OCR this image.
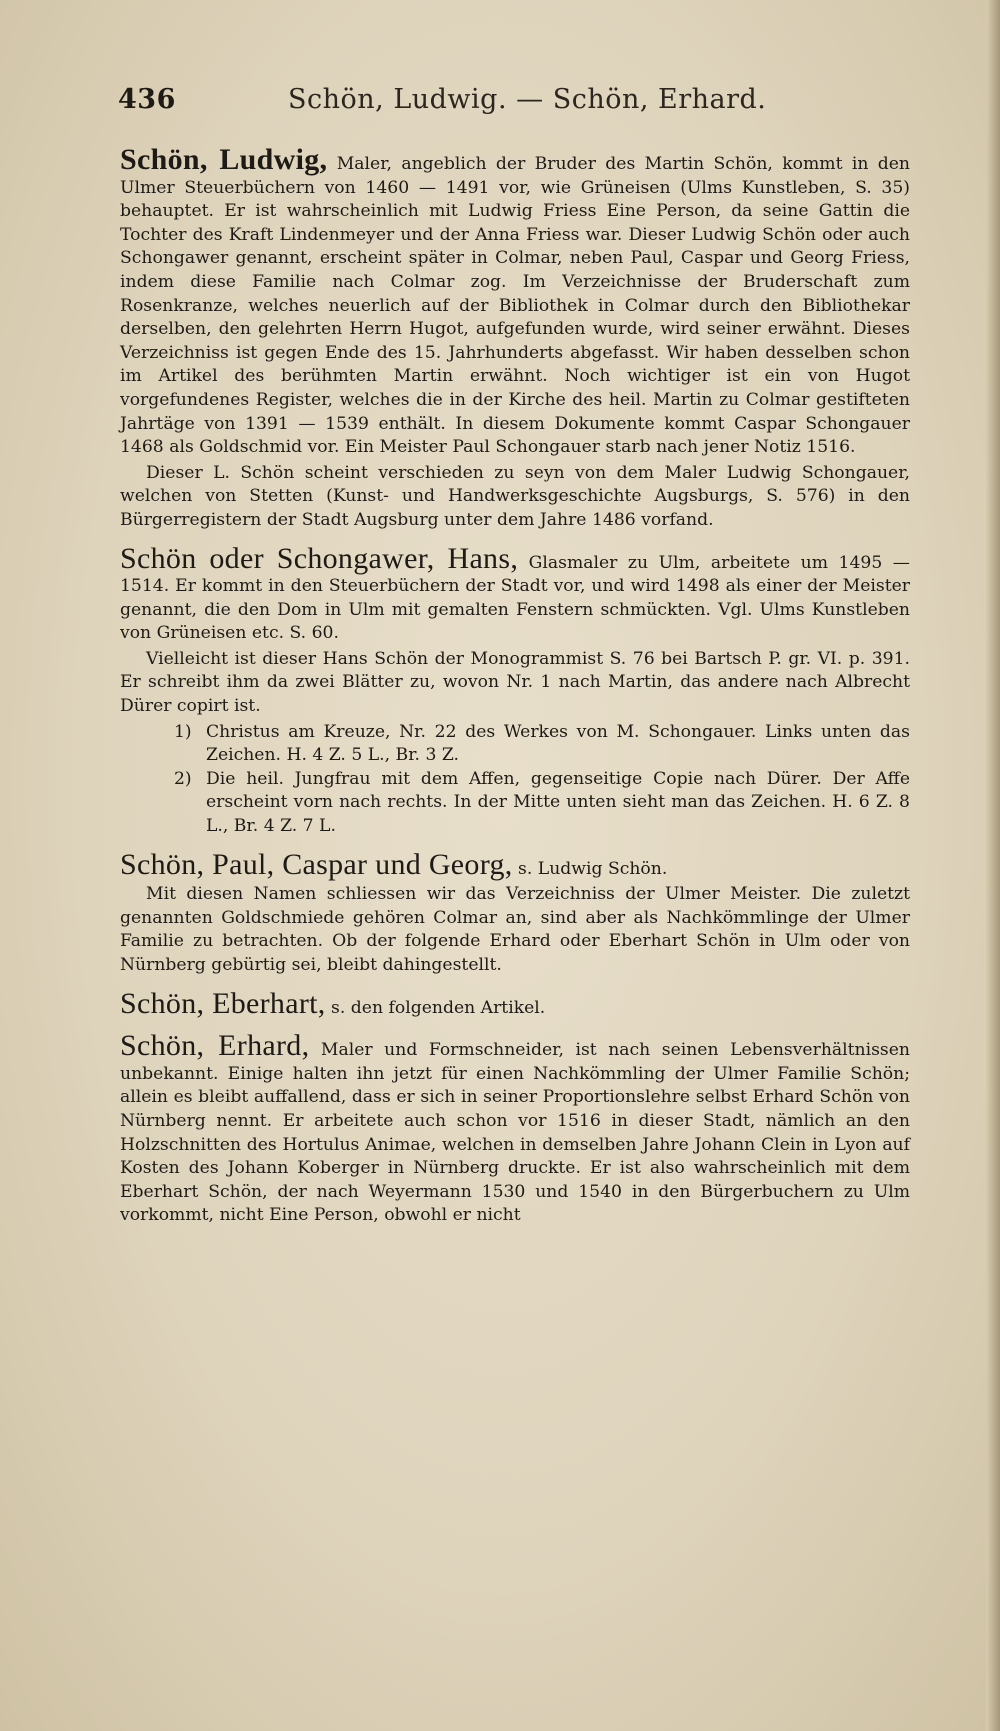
436	Schön, Ludwig. — Schön, Erhard.

Schön, Ludwig, Maler, angeblich der Bruder des Martin Schön, kommt in den Ulmer Steuerbüchern von 1460 — 1491 vor, wie Grüneisen (Ulms Kunstleben, S. 35) behauptet. Er ist wahrscheinlich mit Ludwig Friess Eine Person, da seine Gattin die Tochter des Kraft Lindenmeyer und der Anna Friess war. Dieser Ludwig Schön oder auch Schongawer genannt, erscheint später in Colmar, neben Paul, Caspar und Georg Friess, indem diese Familie nach Colmar zog. Im Verzeichnisse der Bruderschaft zum Rosenkranze, welches neuerlich auf der Bibliothek in Colmar durch den Bibliothekar derselben, den gelehrten Herrn Hugot, aufgefunden wurde, wird seiner erwähnt. Dieses Verzeichniss ist gegen Ende des 15. Jahrhunderts abgefasst. Wir haben desselben schon im Artikel des berühmten Martin erwähnt. Noch wichtiger ist ein von Hugot vorgefundenes Register, welches die in der Kirche des heil. Martin zu Colmar gestifteten Jahrtäge von 1391 — 1539 enthält. In diesem Dokumente kommt Caspar Schongauer 1468 als Goldschmid vor. Ein Meister Paul Schongauer starb nach jener Notiz 1516.

Dieser L. Schön scheint verschieden zu seyn von dem Maler Ludwig Schongauer, welchen von Stetten (Kunst- und Handwerksgeschichte Augsburgs, S. 576) in den Bürgerregistern der Stadt Augsburg unter dem Jahre 1486 vorfand.

Schön oder Schongawer, Hans, Glasmaler zu Ulm, arbeitete um 1495 — 1514. Er kommt in den Steuerbüchern der Stadt vor, und wird 1498 als einer der Meister genannt, die den Dom in Ulm mit gemalten Fenstern schmückten. Vgl. Ulms Kunstleben von Grüneisen etc. S. 60.

Vielleicht ist dieser Hans Schön der Monogrammist S. 76 bei Bartsch P. gr. VI. p. 391. Er schreibt ihm da zwei Blätter zu, wovon Nr. 1 nach Martin, das andere nach Albrecht Dürer copirt ist.

1) Christus am Kreuze, Nr. 22 des Werkes von M. Schongauer. Links unten das Zeichen. H. 4 Z. 5 L., Br. 3 Z.

2) Die heil. Jungfrau mit dem Affen, gegenseitige Copie nach Dürer. Der Affe erscheint vorn nach rechts. In der Mitte unten sieht man das Zeichen. H. 6 Z. 8 L., Br. 4 Z. 7 L.

Schön, Paul, Caspar und Georg, s. Ludwig Schön.

Mit diesen Namen schliessen wir das Verzeichniss der Ulmer Meister. Die zuletzt genannten Goldschmiede gehören Colmar an, sind aber als Nachkömmlinge der Ulmer Familie zu betrachten. Ob der folgende Erhard oder Eberhart Schön in Ulm oder von Nürnberg gebürtig sei, bleibt dahingestellt.

Schön, Eberhart, s. den folgenden Artikel.

Schön, Erhard, Maler und Formschneider, ist nach seinen Lebensverhältnissen unbekannt. Einige halten ihn jetzt für einen Nachkömmling der Ulmer Familie Schön; allein es bleibt auffallend, dass er sich in seiner Proportionslehre selbst Erhard Schön von Nürnberg nennt. Er arbeitete auch schon vor 1516 in dieser Stadt, nämlich an den Holzschnitten des Hortulus Animae, welchen in demselben Jahre Johann Clein in Lyon auf Kosten des Johann Koberger in Nürnberg druckte. Er ist also wahrscheinlich mit dem Eberhart Schön, der nach Weyermann 1530 und 1540 in den Bürgerbuchern zu Ulm vorkommt, nicht Eine Person, obwohl er nicht
